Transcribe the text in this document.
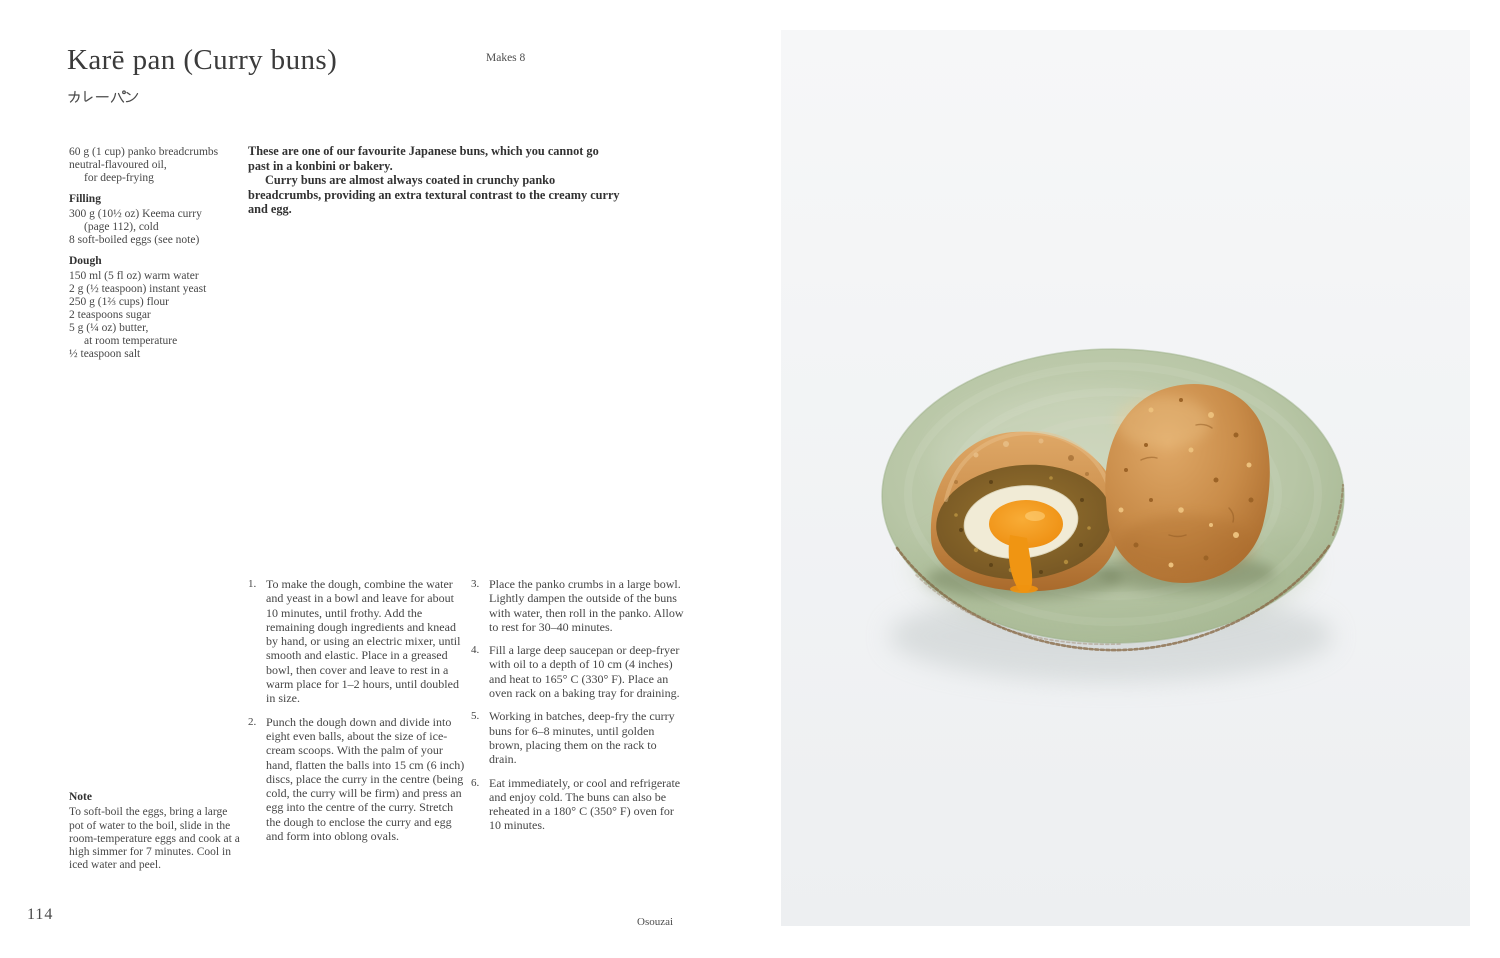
Karē pan (Curry buns)	Makes 8
60 g (1 cup) panko breadcrumbs
neutral-flavoured oil,
for deep-frying
Filling
300 g (10½ oz) Keema curry
(page 112), cold
8 soft-boiled eggs (see note)
Dough
150 ml (5 fl oz) warm water
2 g (½ teaspoon) instant yeast
250 g (1⅔ cups) flour
2 teaspoons sugar
5 g (¼ oz) butter,
at room temperature
½ teaspoon salt

These are one of our favourite Japanese buns, which you cannot go past in a konbini or bakery.

Curry buns are almost always coated in crunchy panko breadcrumbs, providing an extra textural contrast to the creamy curry and egg.

1. To make the dough, combine the water and yeast in a bowl and leave for about 10 minutes, until frothy. Add the remaining dough ingredients and knead by hand, or using an electric mixer, until smooth and elastic. Place in a greased bowl, then cover and leave to rest in a warm place for 1–2 hours, until doubled in size.
2. Punch the dough down and divide into eight even balls, about the size of ice-cream scoops. With the palm of your hand, flatten the balls into 15 cm (6 inch) discs, place the curry in the centre (being cold, the curry will be firm) and press an egg into the centre of the curry. Stretch the dough to enclose the curry and egg and form into oblong ovals.
3. Place the panko crumbs in a large bowl. Lightly dampen the outside of the buns with water, then roll in the panko. Allow to rest for 30–40 minutes.
4. Fill a large deep saucepan or deep-fryer with oil to a depth of 10 cm (4 inches) and heat to 165° C (330° F). Place an oven rack on a baking tray for draining.
5. Working in batches, deep-fry the curry buns for 6–8 minutes, until golden brown, placing them on the rack to drain.
6. Eat immediately, or cool and refrigerate and enjoy cold. The buns can also be reheated in a 180° C (350° F) oven for 10 minutes.
Note
To soft-boil the eggs, bring a large pot of water to the boil, slide in the room-temperature eggs and cook at a high simmer for 7 minutes. Cool in iced water and peel.
114	Osouzai
